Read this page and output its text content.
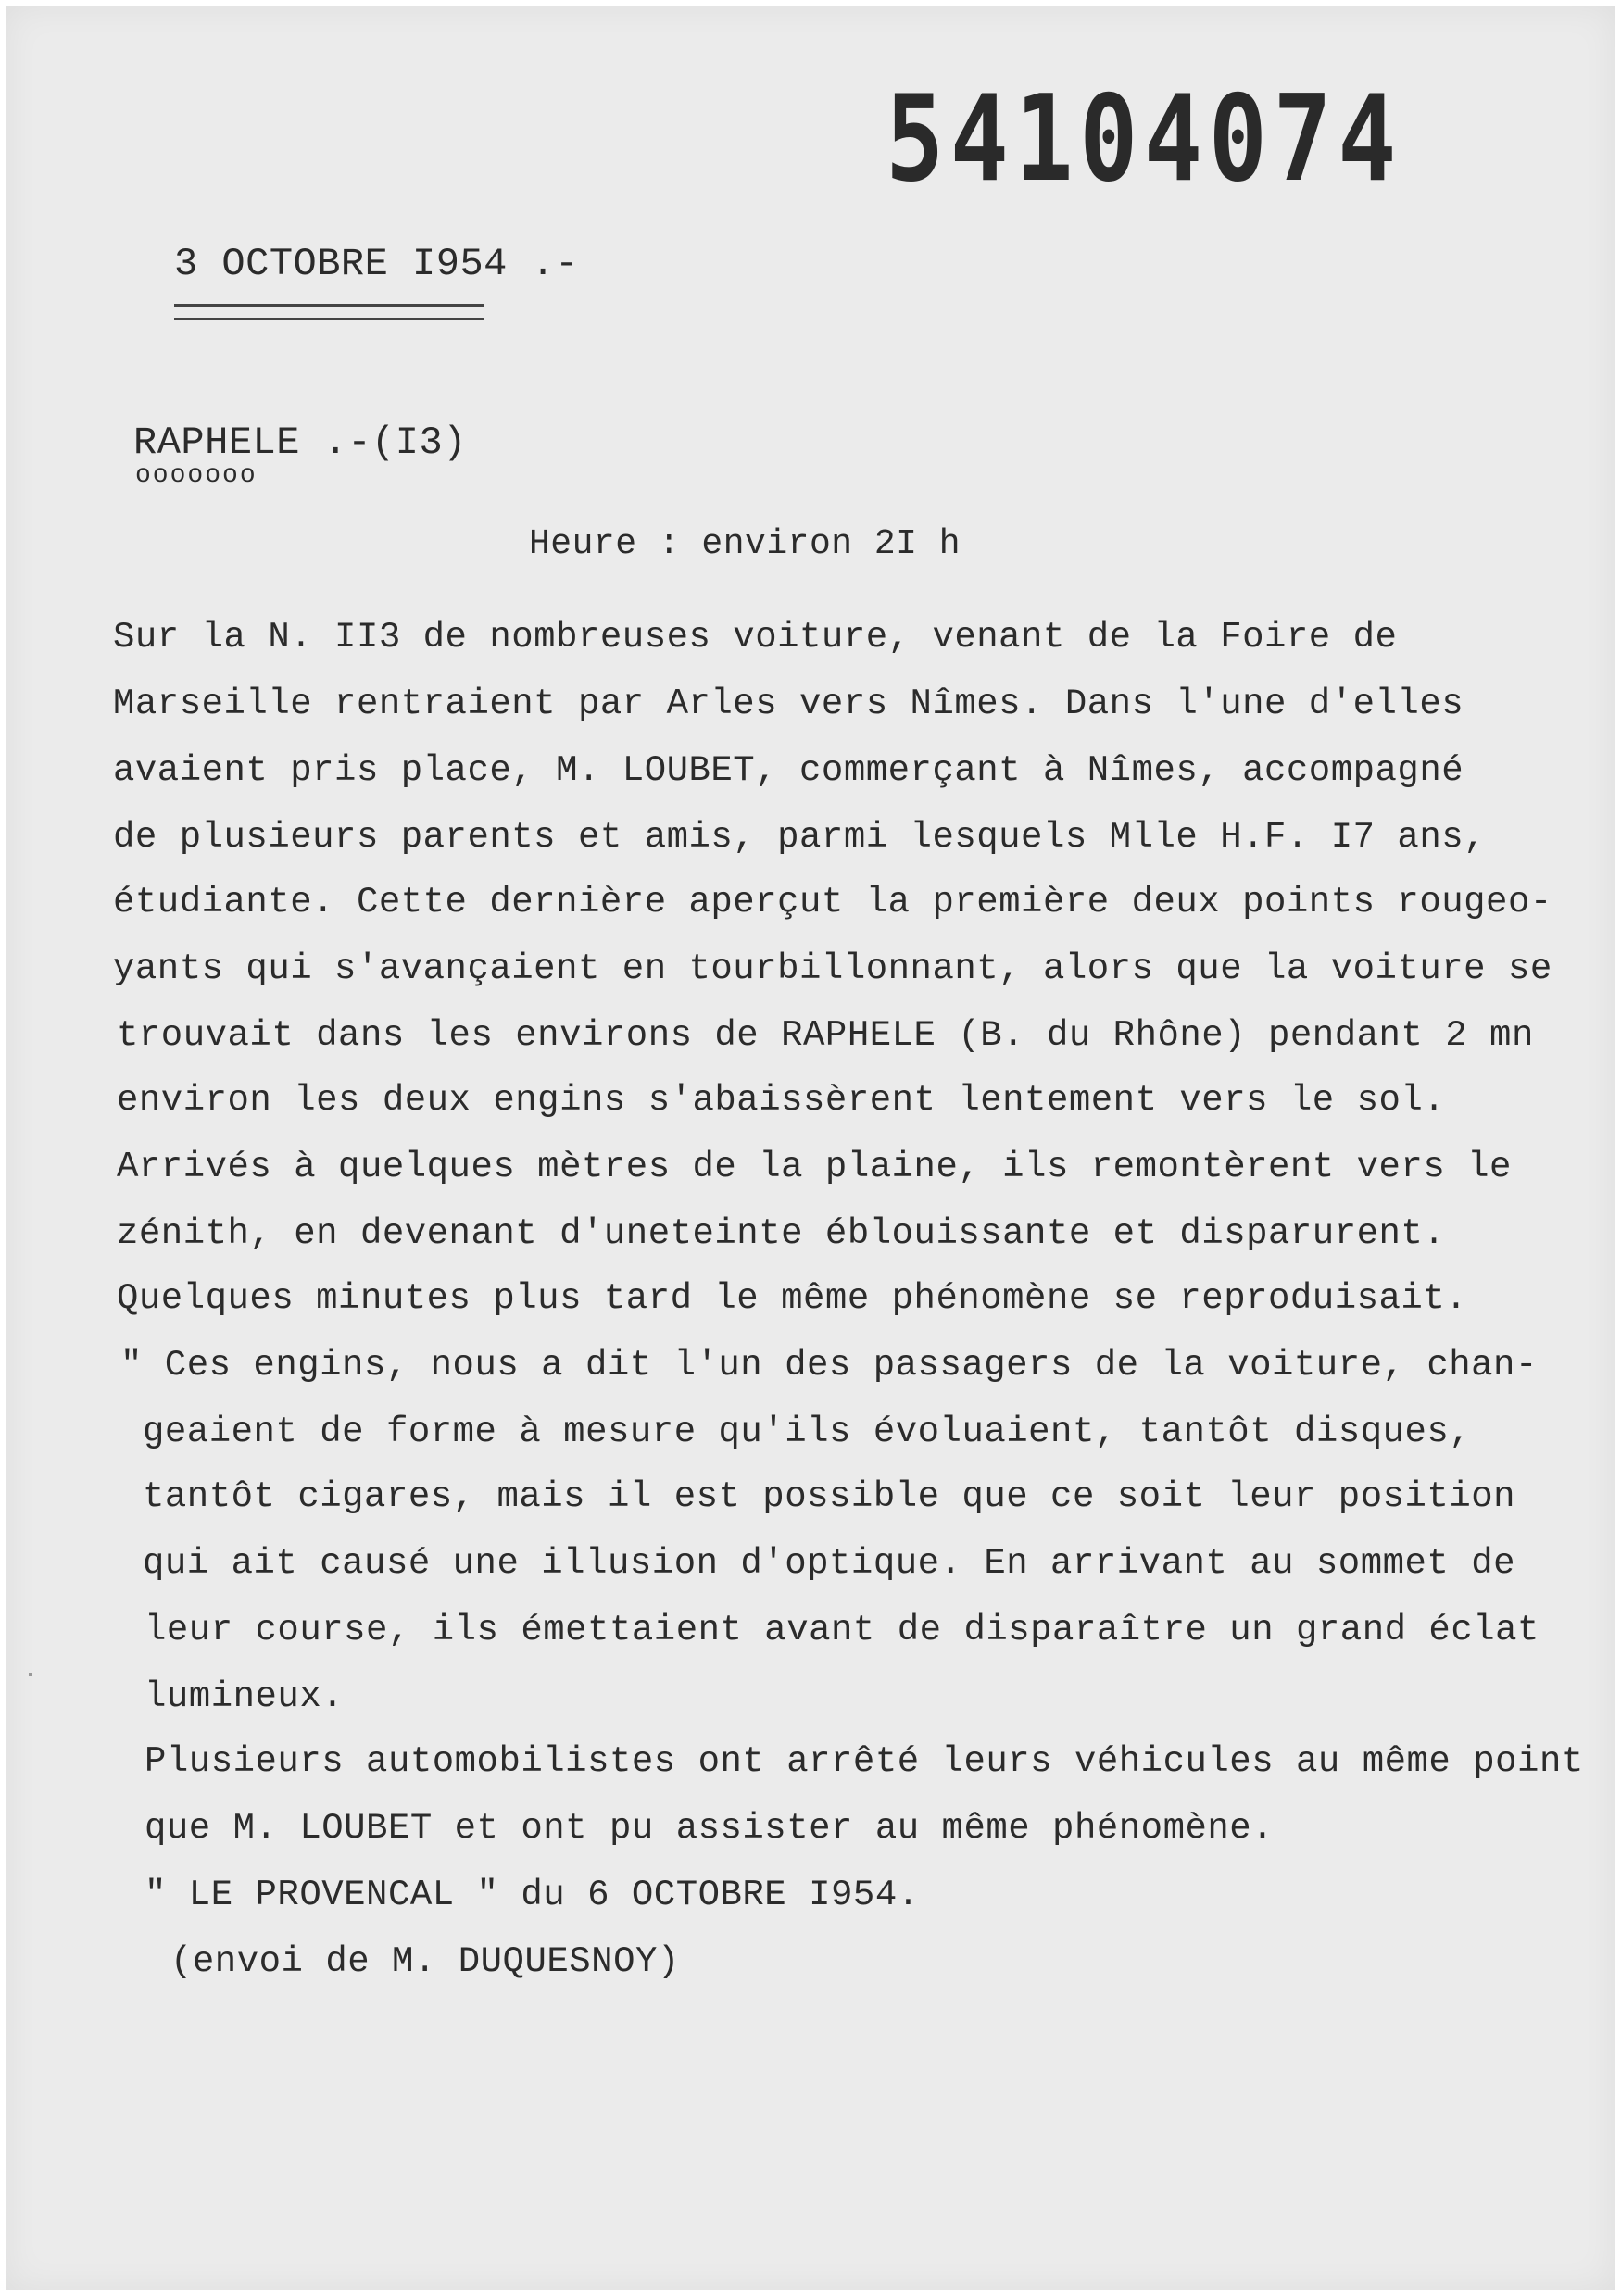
54104074
3 OCTOBRE I954 .-
RAPHELE .-(I3)
ooooooo
Heure : environ 2I h
Sur la N. II3 de nombreuses voiture, venant de la Foire de
Marseille rentraient par Arles vers Nîmes. Dans l'une d'elles
avaient pris place, M. LOUBET, commerçant à Nîmes, accompagné
de plusieurs parents et amis, parmi lesquels Mlle H.F. I7 ans,
étudiante. Cette dernière aperçut la première deux points rougeo-
yants qui s'avançaient en tourbillonnant, alors que la voiture se
trouvait dans les environs de RAPHELE (B. du Rhône) pendant 2 mn
environ les deux engins s'abaissèrent lentement vers le sol.
Arrivés à quelques mètres de la plaine, ils remontèrent vers le
zénith, en devenant d'uneteinte éblouissante et disparurent.
Quelques minutes plus tard le même phénomène se reproduisait.
" Ces engins, nous a dit l'un des passagers de la voiture, chan-
geaient de forme à mesure qu'ils évoluaient, tantôt disques,
tantôt cigares, mais il est possible que ce soit leur position
qui ait causé une illusion d'optique. En arrivant au sommet de
leur course, ils émettaient avant de disparaître un grand éclat
lumineux.
Plusieurs automobilistes ont arrêté leurs véhicules au même point
que M. LOUBET et ont pu assister au même phénomène.
" LE PROVENCAL " du 6 OCTOBRE I954.
(envoi de M. DUQUESNOY)
